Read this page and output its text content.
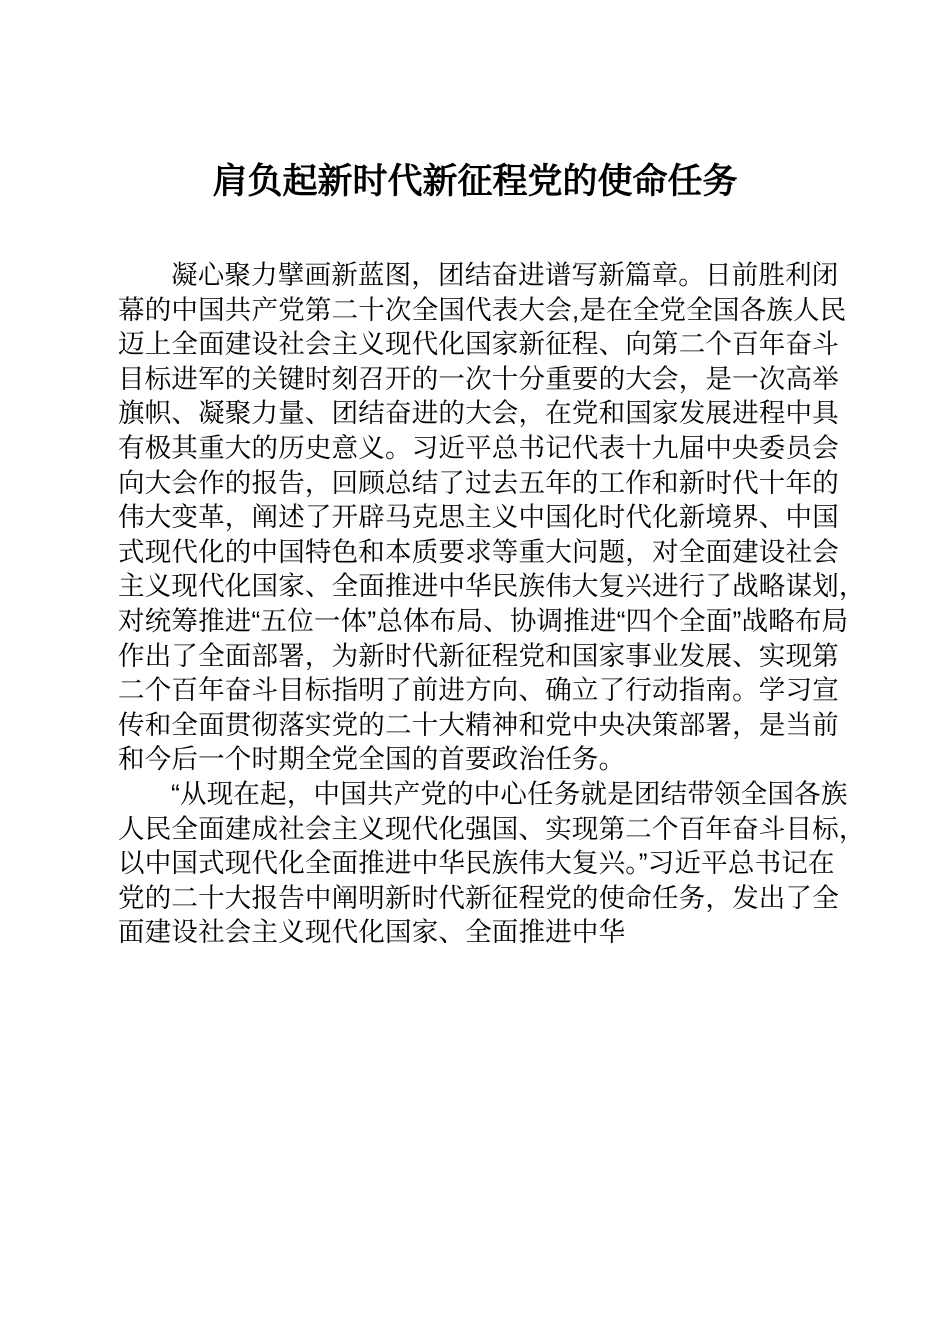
肩负起新时代新征程党的使命任务
凝心聚力擘画新蓝图，团结奋进谱写新篇章。日前胜利闭
幕的中国共产党第二十次全国代表大会,是在全党全国各族人民
迈上全面建设社会主义现代化国家新征程、向第二个百年奋斗
目标进军的关键时刻召开的一次十分重要的大会，是一次高举
旗帜、凝聚力量、团结奋进的大会，在党和国家发展进程中具
有极其重大的历史意义。习近平总书记代表十九届中央委员会
向大会作的报告，回顾总结了过去五年的工作和新时代十年的
伟大变革，阐述了开辟马克思主义中国化时代化新境界、中国
式现代化的中国特色和本质要求等重大问题，对全面建设社会
主义现代化国家、全面推进中华民族伟大复兴进行了战略谋划，
对统筹推进“五位一体”总体布局、协调推进“四个全面”战略布局
作出了全面部署，为新时代新征程党和国家事业发展、实现第
二个百年奋斗目标指明了前进方向、确立了行动指南。学习宣
传和全面贯彻落实党的二十大精神和党中央决策部署，是当前
和今后一个时期全党全国的首要政治任务。
“从现在起，中国共产党的中心任务就是团结带领全国各族
人民全面建成社会主义现代化强国、实现第二个百年奋斗目标，
以中国式现代化全面推进中华民族伟大复兴。”习近平总书记在
党的二十大报告中阐明新时代新征程党的使命任务，发出了全
面建设社会主义现代化国家、全面推进中华
